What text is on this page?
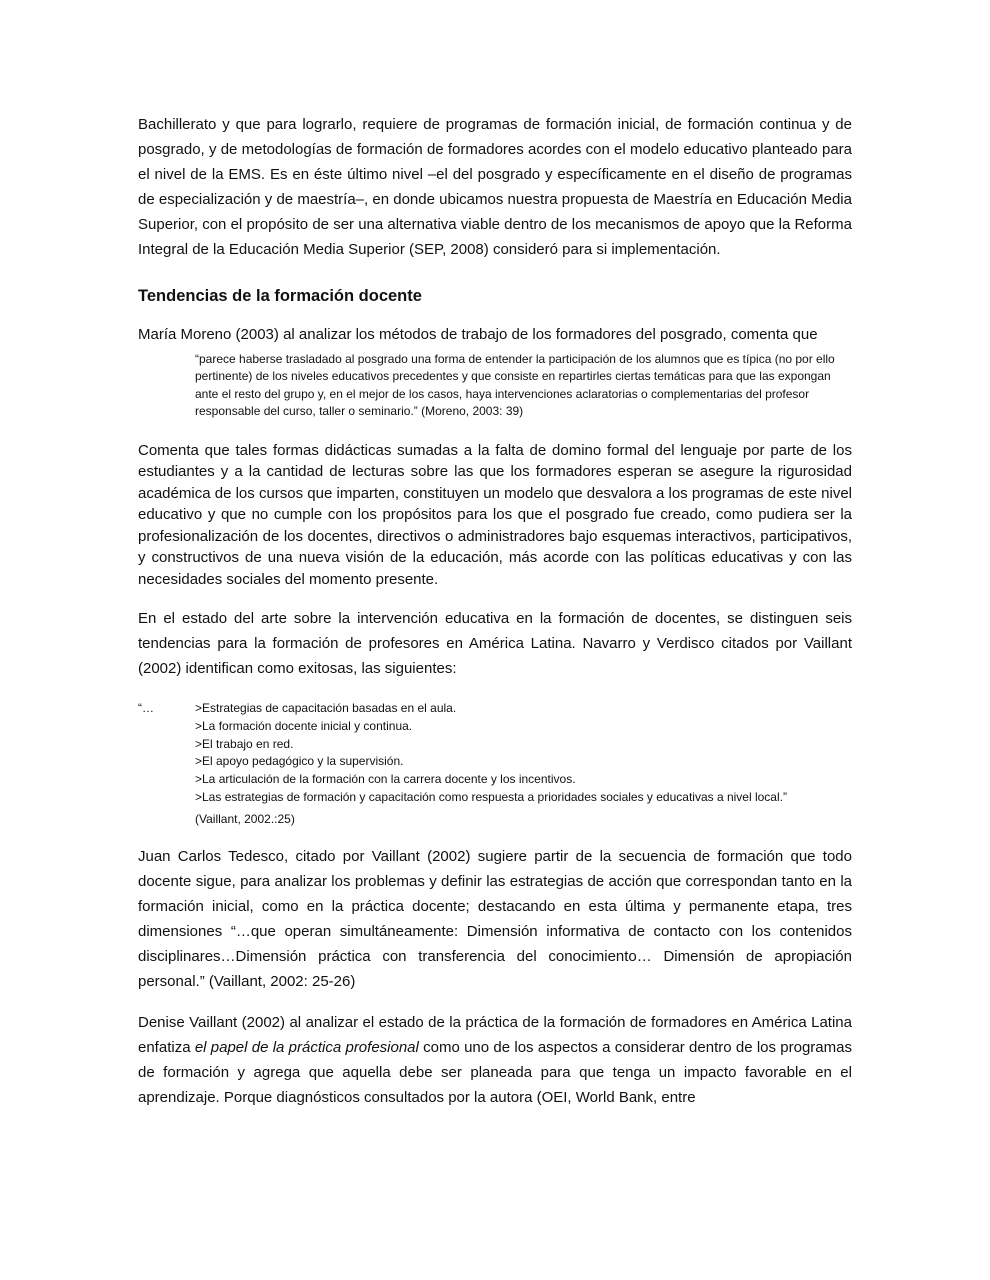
Bachillerato y que para lograrlo, requiere de programas de formación inicial, de formación continua y de posgrado, y de metodologías de formación de formadores acordes con el modelo educativo planteado para el nivel de la EMS. Es en éste último nivel –el del posgrado y específicamente en el diseño de programas de especialización y de maestría–, en donde ubicamos nuestra propuesta de Maestría en Educación Media Superior, con el propósito de ser una alternativa viable dentro de los mecanismos de apoyo que la Reforma Integral de la Educación Media Superior (SEP, 2008) consideró para si implementación.

Tendencias de la formación docente

María Moreno (2003) al analizar los métodos de trabajo de los formadores del posgrado, comenta que

“parece haberse trasladado al posgrado una forma de entender la participación de los alumnos que es típica (no por ello pertinente) de los niveles educativos precedentes y que consiste en repartirles ciertas temáticas para que las expongan ante el resto del grupo y, en el mejor de los casos, haya intervenciones aclaratorias o complementarias del profesor responsable del curso, taller o seminario.” (Moreno, 2003: 39)

Comenta que tales formas didácticas sumadas a la falta de domino formal del lenguaje por parte de los estudiantes y a la cantidad de lecturas sobre las que los formadores esperan se asegure la rigurosidad académica de los cursos que imparten, constituyen un modelo que desvalora a los programas de este nivel educativo y que no cumple con los propósitos para los que el posgrado fue creado, como pudiera ser la profesionalización de los docentes, directivos o administradores bajo esquemas interactivos, participativos, y constructivos de una nueva visión de la educación, más acorde con las políticas educativas y con las necesidades sociales del momento presente.

En el estado del arte sobre la intervención educativa en la formación de docentes, se distinguen seis tendencias para la formación de profesores en América Latina. Navarro y Verdisco citados por Vaillant (2002) identifican como exitosas, las siguientes:

“…	>Estrategias de capacitación basadas en el aula.
>La formación docente inicial y continua.
>El trabajo en red.
>El apoyo pedagógico y la supervisión.
>La articulación de la formación con la carrera docente y los incentivos.
>Las estrategias de formación y capacitación como respuesta a prioridades sociales y educativas a nivel local.”
(Vaillant, 2002.:25)

Juan Carlos Tedesco, citado por Vaillant (2002) sugiere partir de la secuencia de formación que todo docente sigue, para analizar los problemas y definir las estrategias de acción que correspondan tanto en la formación inicial, como en la práctica docente; destacando en esta última y permanente etapa, tres dimensiones “…que operan simultáneamente: Dimensión informativa de contacto con los contenidos disciplinares…Dimensión práctica con transferencia del conocimiento… Dimensión de apropiación personal.” (Vaillant, 2002: 25-26)

Denise Vaillant (2002) al analizar el estado de la práctica de la formación de formadores en América Latina enfatiza el papel de la práctica profesional como uno de los aspectos a considerar dentro de los programas de formación y agrega que aquella debe ser planeada para que tenga un impacto favorable en el aprendizaje. Porque diagnósticos consultados por la autora (OEI, World Bank, entre
